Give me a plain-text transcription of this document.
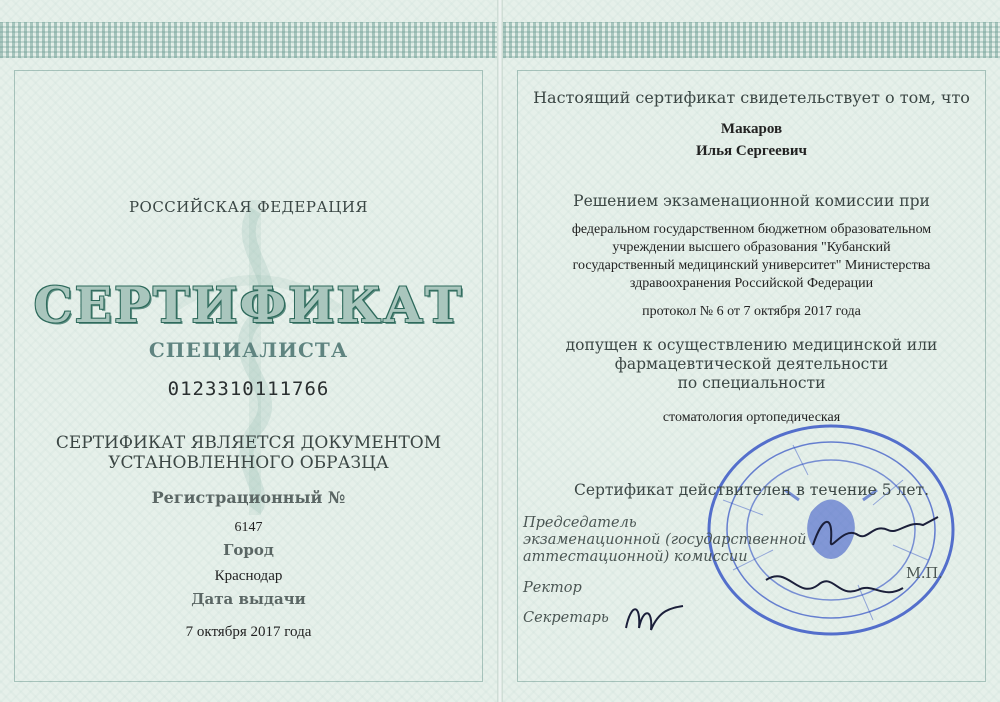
РОССИЙСКАЯ ФЕДЕРАЦИЯ
СЕРТИФИКАТ
СПЕЦИАЛИСТА
0123310111766
СЕРТИФИКАТ ЯВЛЯЕТСЯ ДОКУМЕНТОМ
УСТАНОВЛЕННОГО ОБРАЗЦА
Регистрационный №
6147
Город
Краснодар
Дата выдачи
7 октября 2017 года
Настоящий сертификат свидетельствует о том, что
Макаров
Илья Сергеевич
Решением экзаменационной комиссии при
федеральном государственном бюджетном образовательном
учреждении высшего образования "Кубанский
государственный медицинский университет" Министерства
здравоохранения Российской Федерации
протокол № 6 от 7 октября 2017 года
допущен к осуществлению медицинской или
фармацевтической деятельности
по специальности
стоматология ортопедическая
Сертификат действителен в течение 5 лет.
Председатель
экзаменационной (государственной
аттестационной) комиссии
М.П.
Ректор
Секретарь
